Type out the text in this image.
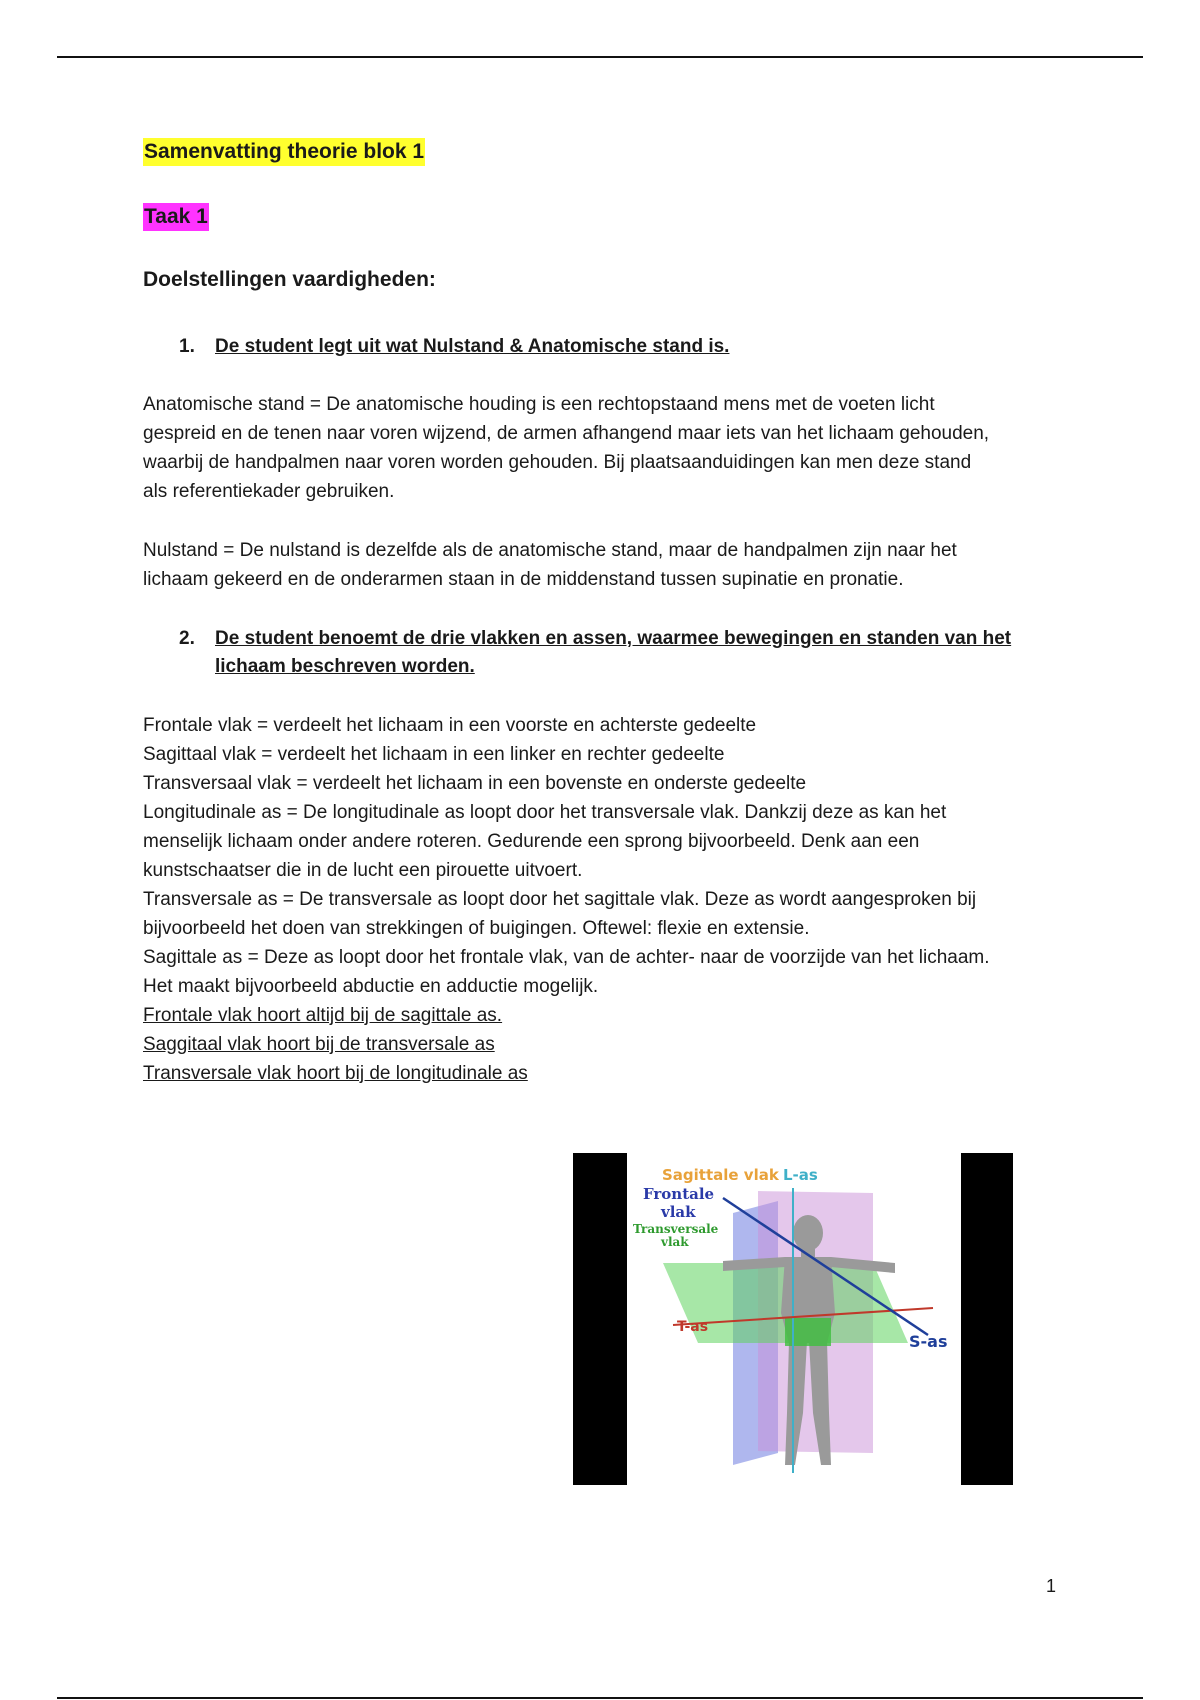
Samenvatting theorie blok 1
Taak 1
Doelstellingen vaardigheden:
1. De student legt uit wat Nulstand & Anatomische stand is.
Anatomische stand = De anatomische houding is een rechtopstaand mens met de voeten licht
gespreid en de tenen naar voren wijzend, de armen afhangend maar iets van het lichaam gehouden,
waarbij de handpalmen naar voren worden gehouden. Bij plaatsaanduidingen kan men deze stand
als referentiekader gebruiken.
Nulstand = De nulstand is dezelfde als de anatomische stand, maar de handpalmen zijn naar het
lichaam gekeerd en de onderarmen staan in de middenstand tussen supinatie en pronatie.
2. De student benoemt de drie vlakken en assen, waarmee bewegingen en standen van het lichaam beschreven worden.
Frontale vlak = verdeelt het lichaam in een voorste en achterste gedeelte
Sagittaal vlak = verdeelt het lichaam in een linker en rechter gedeelte
Transversaal vlak = verdeelt het lichaam in een bovenste en onderste gedeelte
Longitudinale as = De longitudinale as loopt door het transversale vlak. Dankzij deze as kan het
menselijk lichaam onder andere roteren. Gedurende een sprong bijvoorbeeld. Denk aan een
kunstschaatser die in de lucht een pirouette uitvoert.
Transversale as = De transversale as loopt door het sagittale vlak. Deze as wordt aangesproken bij
bijvoorbeeld het doen van strekkingen of buigingen. Oftewel: flexie en extensie.
Sagittale as = Deze as loopt door het frontale vlak, van de achter- naar de voorzijde van het lichaam.
Het maakt bijvoorbeeld abductie en adductie mogelijk.
Frontale vlak hoort altijd bij de sagittale as.
Saggitaal vlak hoort bij de transversale as
Transversale vlak hoort bij de longitudinale as
Sagittale vlak L-as
Frontale
vlak
Transversale
vlak
T-as
S-as
1
